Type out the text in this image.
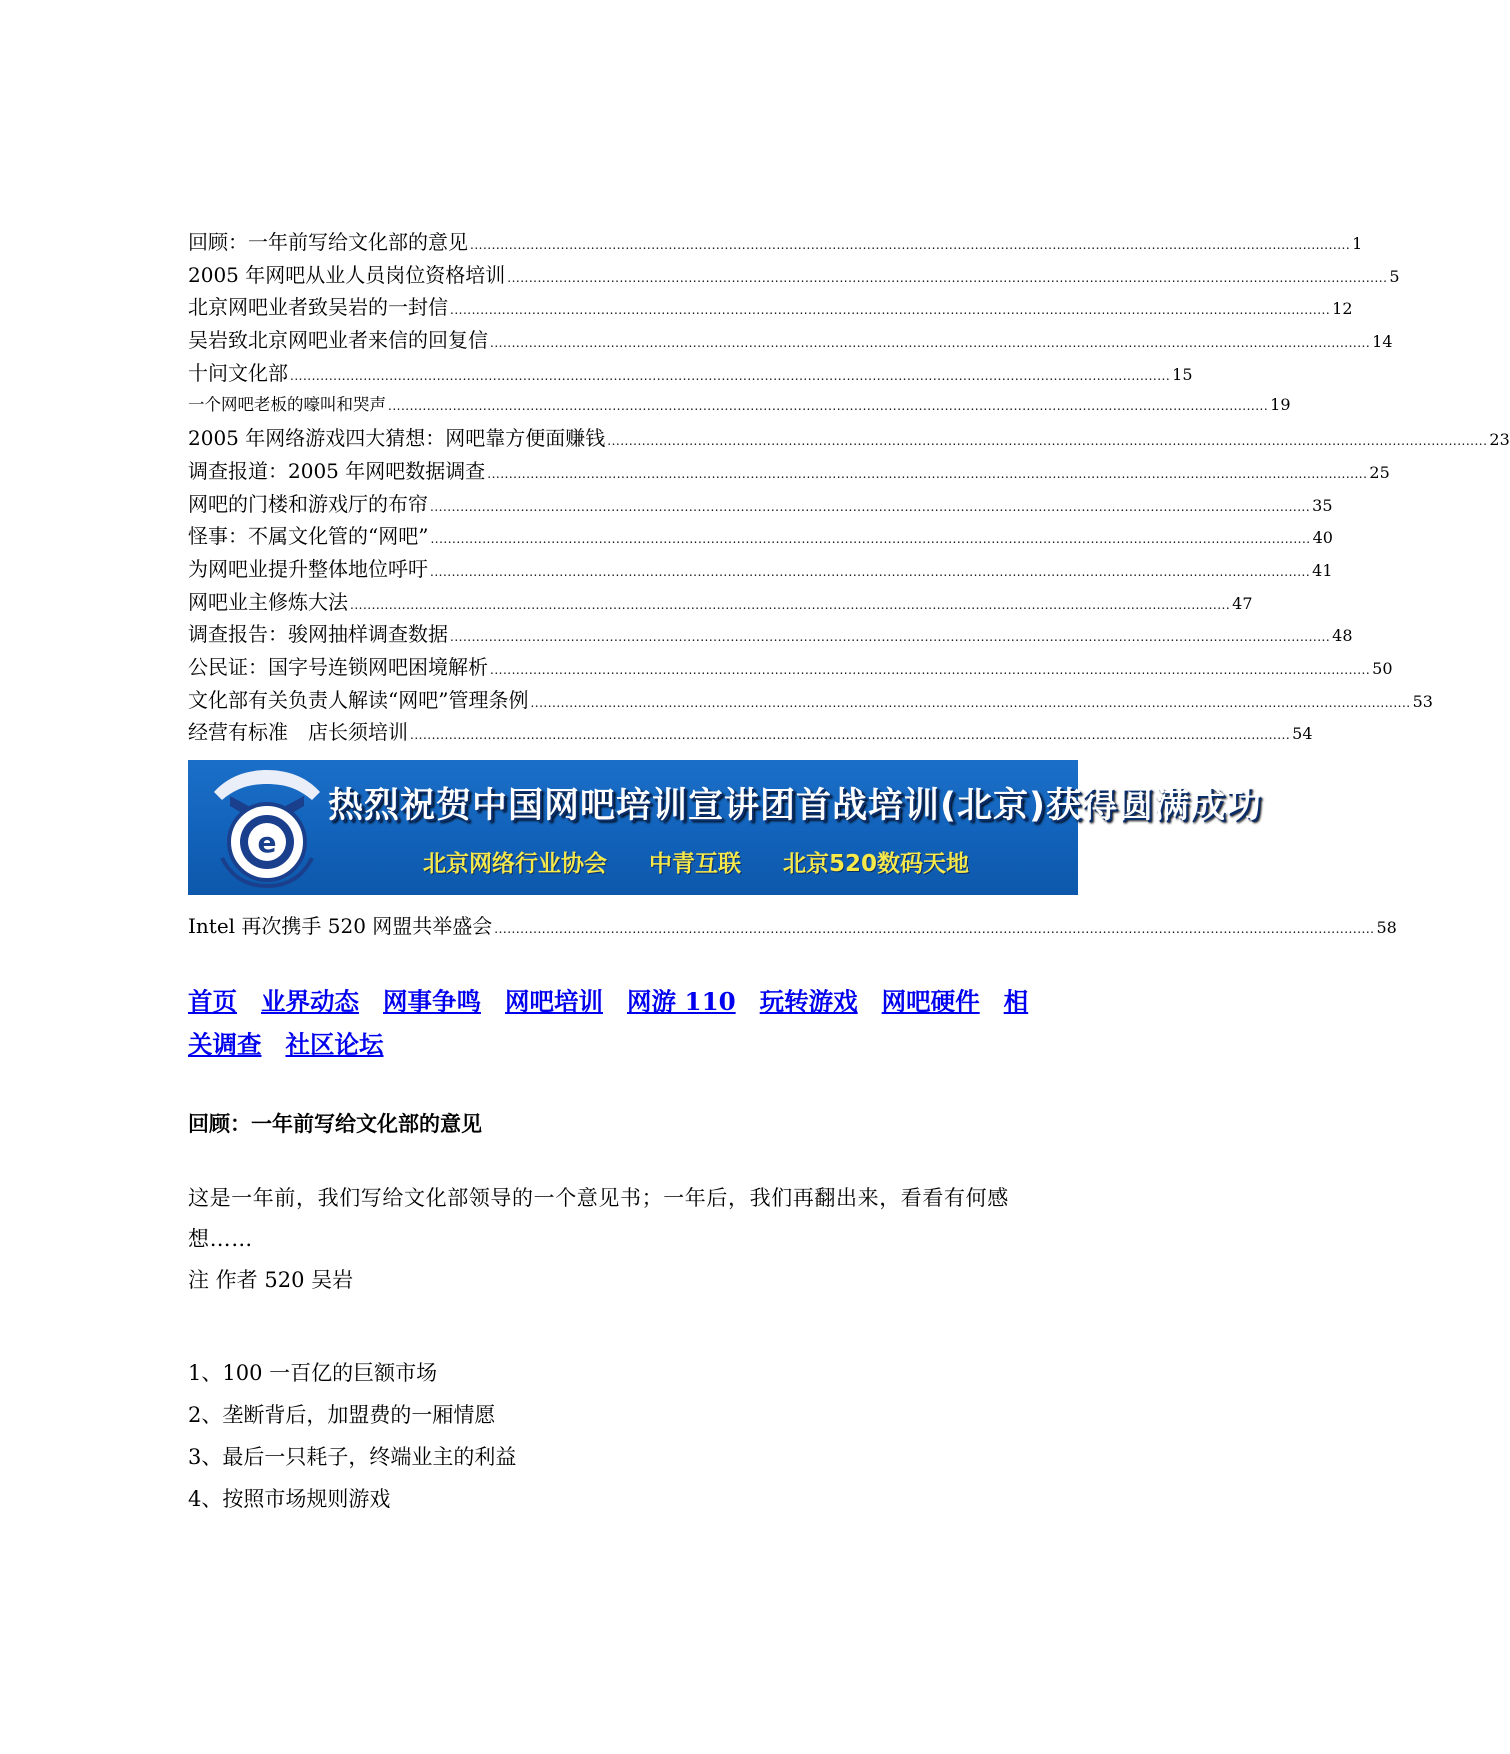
回顾：一年前写给文化部的意见 .....	1
2005 年网吧从业人员岗位资格培训 .....	5
北京网吧业者致吴岩的一封信 .....	12
吴岩致北京网吧业者来信的回复信 .....	14
十问文化部 .....	15
一个网吧老板的嚎叫和哭声 .....	19
2005 年网络游戏四大猜想：网吧靠方便面赚钱 .....	23
调查报道：2005 年网吧数据调查 .....	25
网吧的门楼和游戏厅的布帘 .....	35
怪事：不属文化管的“网吧” .....	40
为网吧业提升整体地位呼吁 .....	41
网吧业主修炼大法 .....	47
调查报告：骏网抽样调查数据 .....	48
公民证：国字号连锁网吧困境解析 .....	50
文化部有关负责人解读“网吧”管理条例 .....	53
经营有标准　店长须培训 .....	54
e
热烈祝贺中国网吧培训宣讲团首战培训(北京)获得圆满成功
北京网络行业协会 中青互联 北京520数码天地
Intel 再次携手 520 网盟共举盛会 .....	58
首页 业界动态 网事争鸣 网吧培训 网游 110 玩转游戏 网吧硬件 相
关调查 社区论坛
回顾：一年前写给文化部的意见
这是一年前，我们写给文化部领导的一个意见书；一年后，我们再翻出来，看看有何感想……
注 作者 520 吴岩
1、100 一百亿的巨额市场
2、垄断背后，加盟费的一厢情愿
3、最后一只耗子，终端业主的利益
4、按照市场规则游戏
